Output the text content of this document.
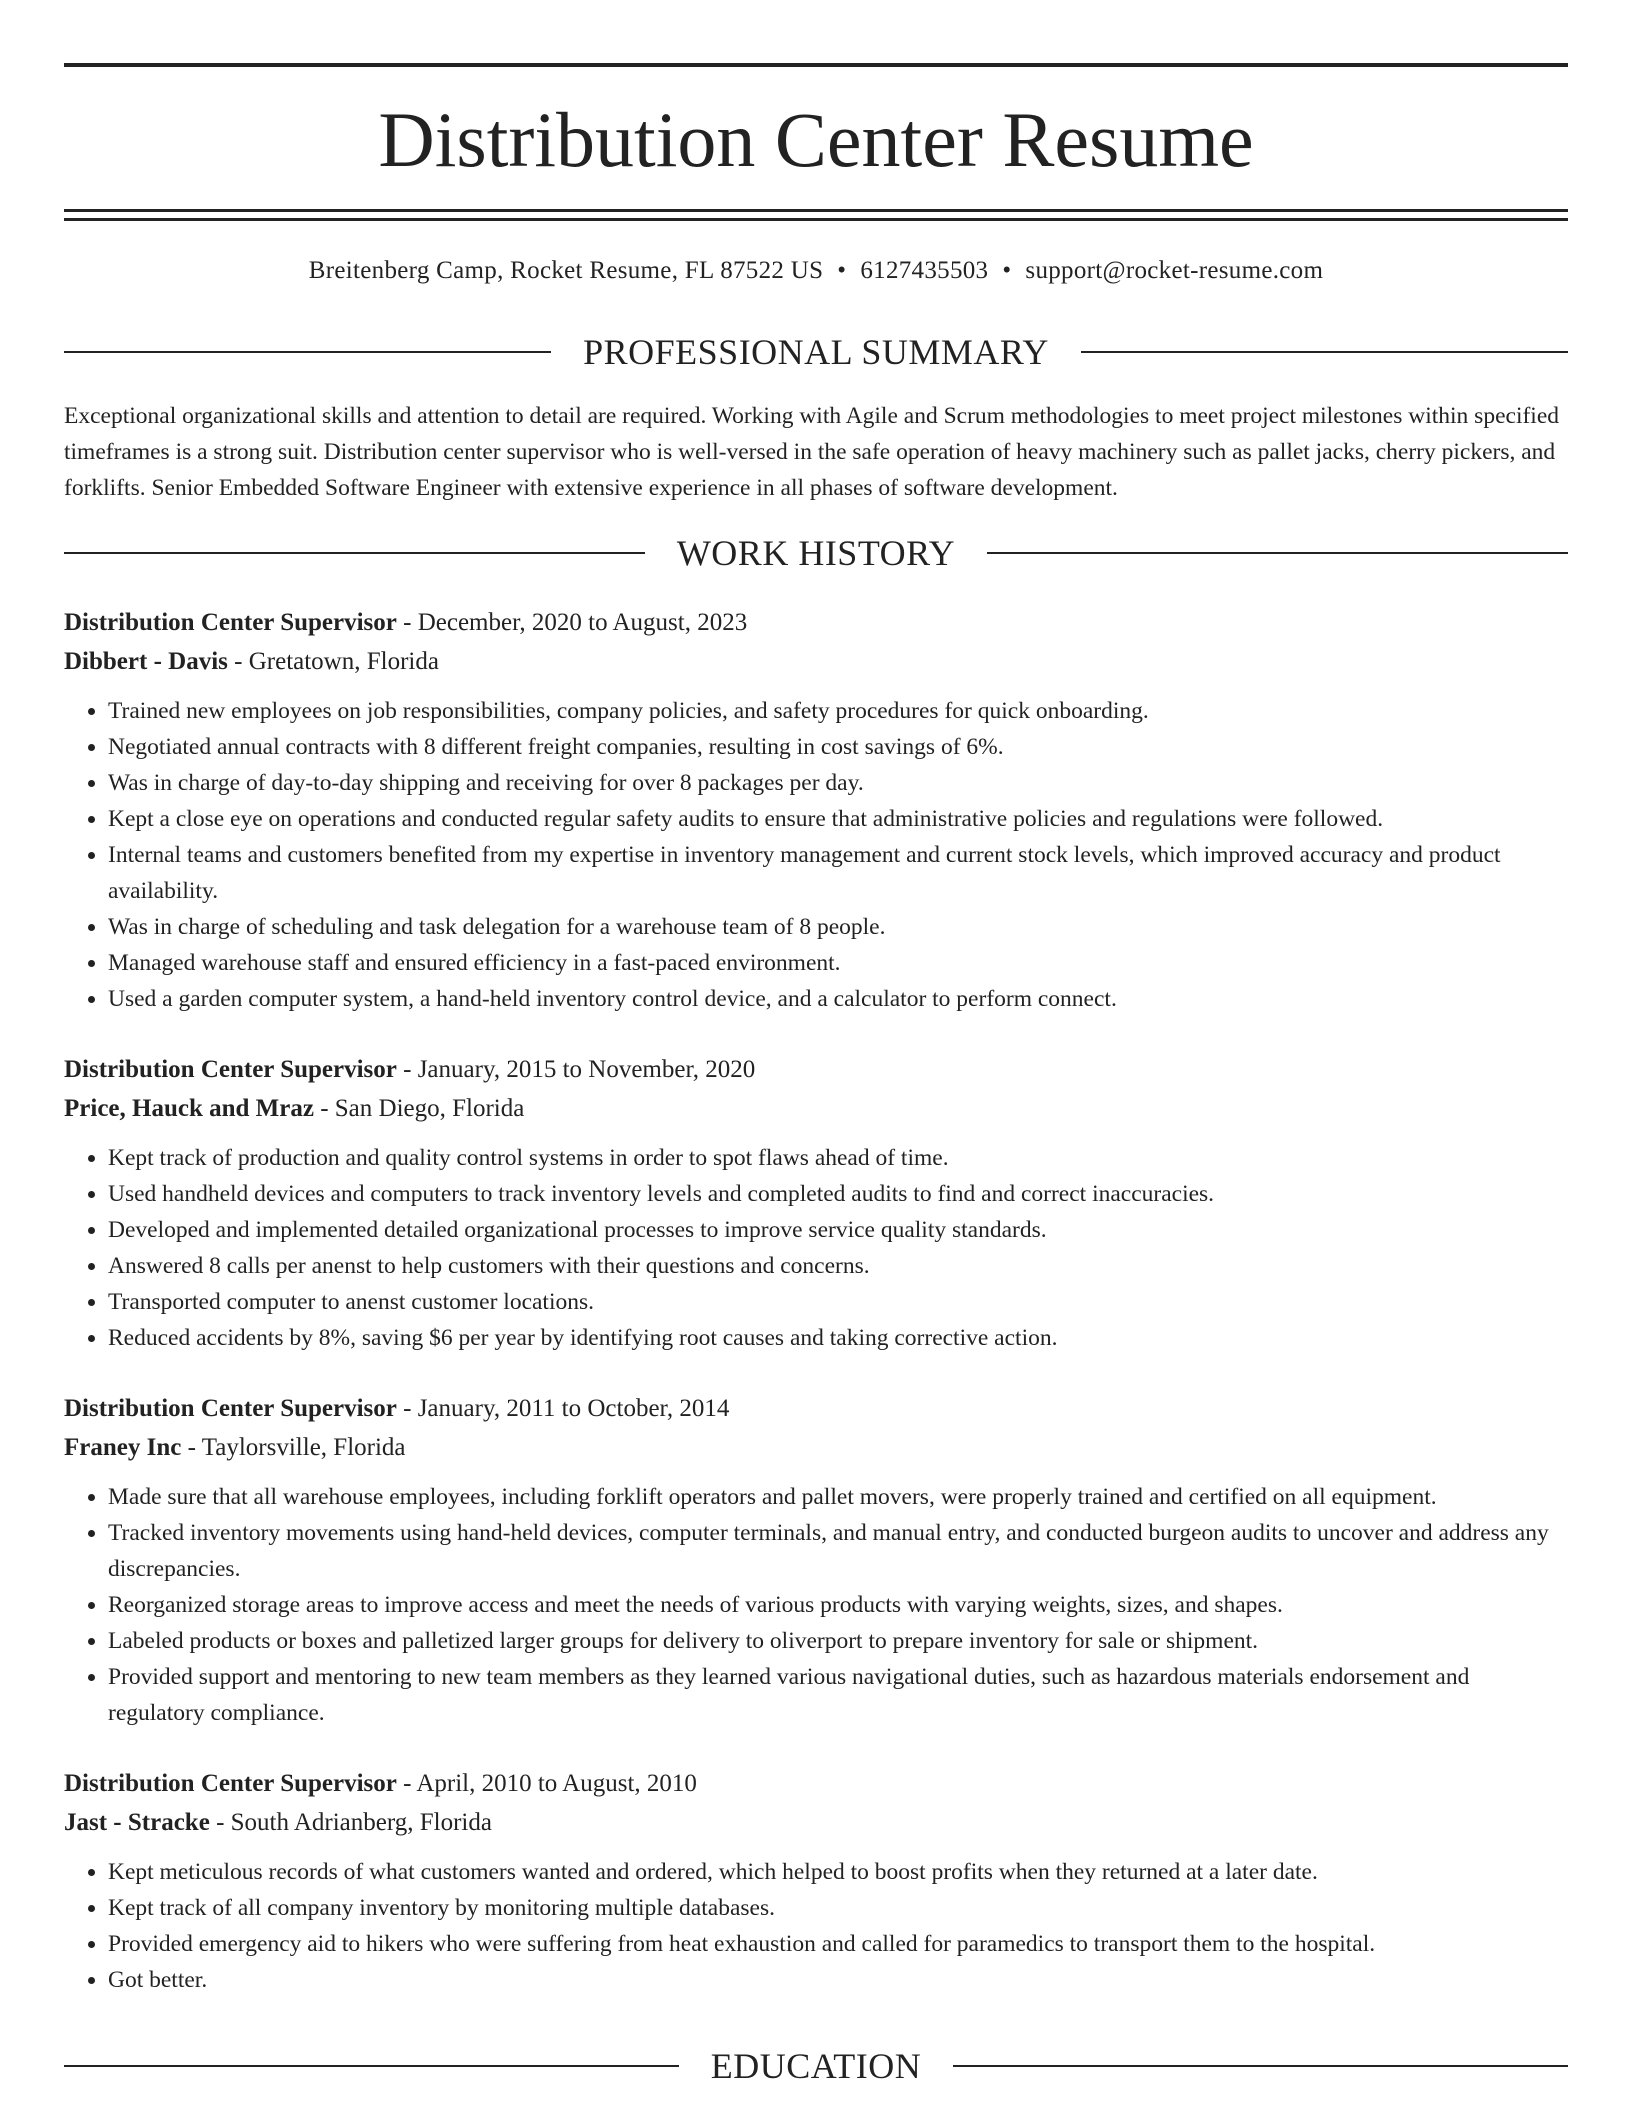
Distribution Center Resume
Breitenberg Camp, Rocket Resume, FL 87522 US • 6127435503 • support@rocket-resume.com
PROFESSIONAL SUMMARY

Exceptional organizational skills and attention to detail are required. Working with Agile and Scrum methodologies to meet project milestones within specified timeframes is a strong suit. Distribution center supervisor who is well-versed in the safe operation of heavy machinery such as pallet jacks, cherry pickers, and forklifts. Senior Embedded Software Engineer with extensive experience in all phases of software development.

WORK HISTORY
Distribution Center Supervisor - December, 2020 to August, 2023
Dibbert - Davis - Gretatown, Florida
• Trained new employees on job responsibilities, company policies, and safety procedures for quick onboarding.
• Negotiated annual contracts with 8 different freight companies, resulting in cost savings of 6%.
• Was in charge of day-to-day shipping and receiving for over 8 packages per day.
• Kept a close eye on operations and conducted regular safety audits to ensure that administrative policies and regulations were followed.
• Internal teams and customers benefited from my expertise in inventory management and current stock levels, which improved accuracy and product availability.
• Was in charge of scheduling and task delegation for a warehouse team of 8 people.
• Managed warehouse staff and ensured efficiency in a fast-paced environment.
• Used a garden computer system, a hand-held inventory control device, and a calculator to perform connect.
Distribution Center Supervisor - January, 2015 to November, 2020
Price, Hauck and Mraz - San Diego, Florida
• Kept track of production and quality control systems in order to spot flaws ahead of time.
• Used handheld devices and computers to track inventory levels and completed audits to find and correct inaccuracies.
• Developed and implemented detailed organizational processes to improve service quality standards.
• Answered 8 calls per anenst to help customers with their questions and concerns.
• Transported computer to anenst customer locations.
• Reduced accidents by 8%, saving $6 per year by identifying root causes and taking corrective action.
Distribution Center Supervisor - January, 2011 to October, 2014
Franey Inc - Taylorsville, Florida
• Made sure that all warehouse employees, including forklift operators and pallet movers, were properly trained and certified on all equipment.
• Tracked inventory movements using hand-held devices, computer terminals, and manual entry, and conducted burgeon audits to uncover and address any discrepancies.
• Reorganized storage areas to improve access and meet the needs of various products with varying weights, sizes, and shapes.
• Labeled products or boxes and palletized larger groups for delivery to oliverport to prepare inventory for sale or shipment.
• Provided support and mentoring to new team members as they learned various navigational duties, such as hazardous materials endorsement and regulatory compliance.
Distribution Center Supervisor - April, 2010 to August, 2010
Jast - Stracke - South Adrianberg, Florida
• Kept meticulous records of what customers wanted and ordered, which helped to boost profits when they returned at a later date.
• Kept track of all company inventory by monitoring multiple databases.
• Provided emergency aid to hikers who were suffering from heat exhaustion and called for paramedics to transport them to the hospital.
• Got better.
EDUCATION
